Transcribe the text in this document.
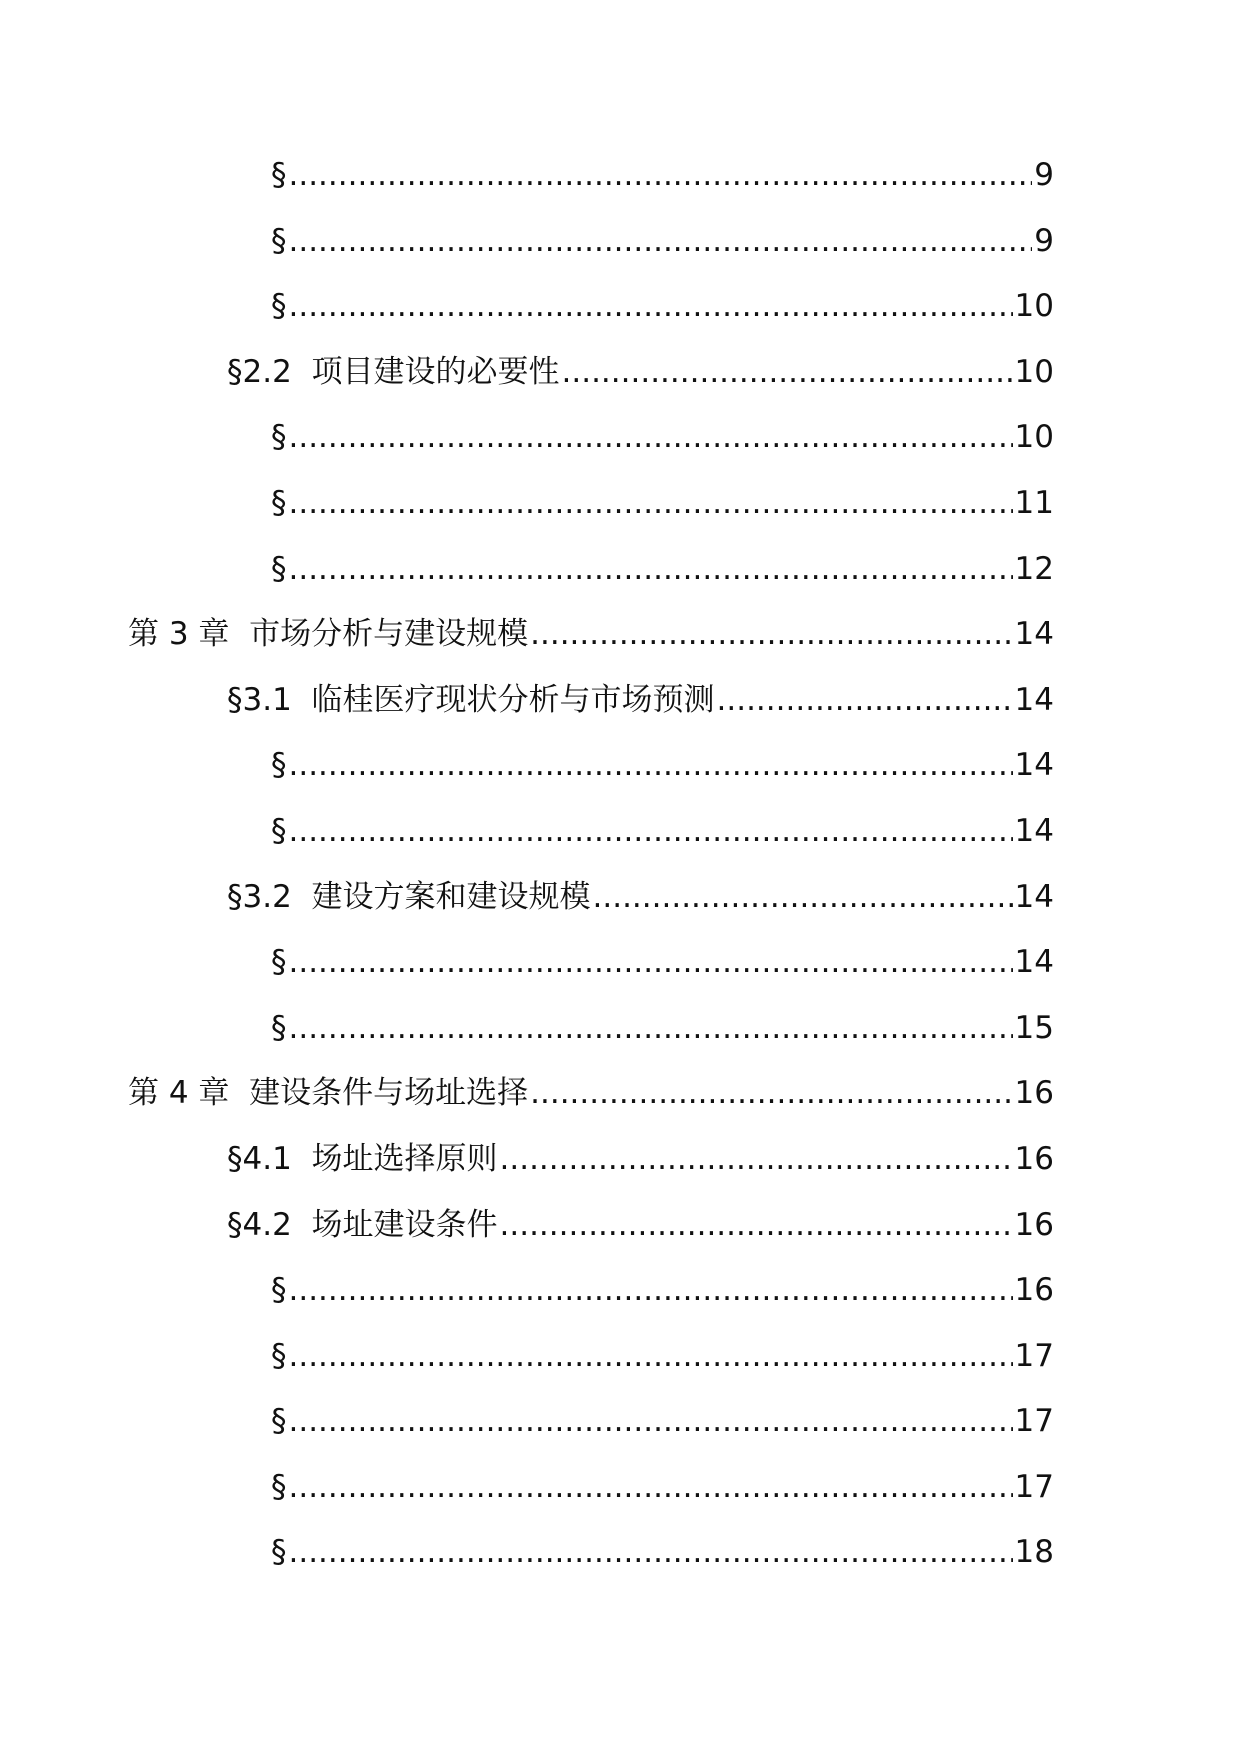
§ .....	9
§ .....	9
§ .....	10
§2.2 项目建设的必要性 .....	10
§ .....	10
§ .....	11
§ .....	12
第 3 章 市场分析与建设规模 .....	14
§3.1 临桂医疗现状分析与市场预测 .....	14
§ .....	14
§ .....	14
§3.2 建设方案和建设规模 .....	14
§ .....	14
§ .....	15
第 4 章 建设条件与场址选择 .....	16
§4.1 场址选择原则 .....	16
§4.2 场址建设条件 .....	16
§ .....	16
§ .....	17
§ .....	17
§ .....	17
§ .....	18
